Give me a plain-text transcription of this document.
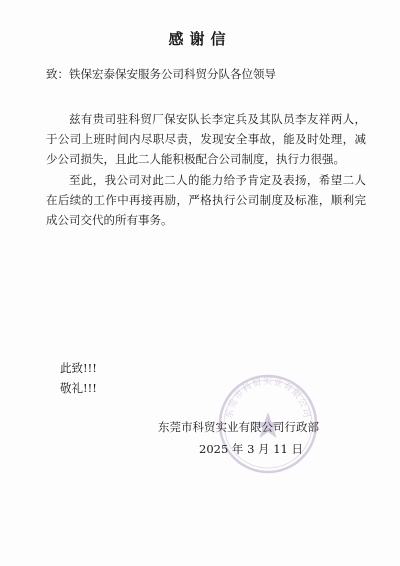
感谢信
致：铁保宏泰保安服务公司科贸分队各位领导
兹有贵司驻科贸厂保安队长李定兵及其队员李友祥两人，于公司上班时间内尽职尽责，发现安全事故，能及时处理，减少公司损失，且此二人能积极配合公司制度，执行力很强。
至此，我公司对此二人的能力给予肯定及表扬，希望二人在后续的工作中再接再励，严格执行公司制度及标准，顺利完成公司交代的所有事务。
此致!!!
敬礼!!!
东莞市科贸实业有限公司
东莞市科贸实业有限公司行政部
2025 年 3 月 11 日
